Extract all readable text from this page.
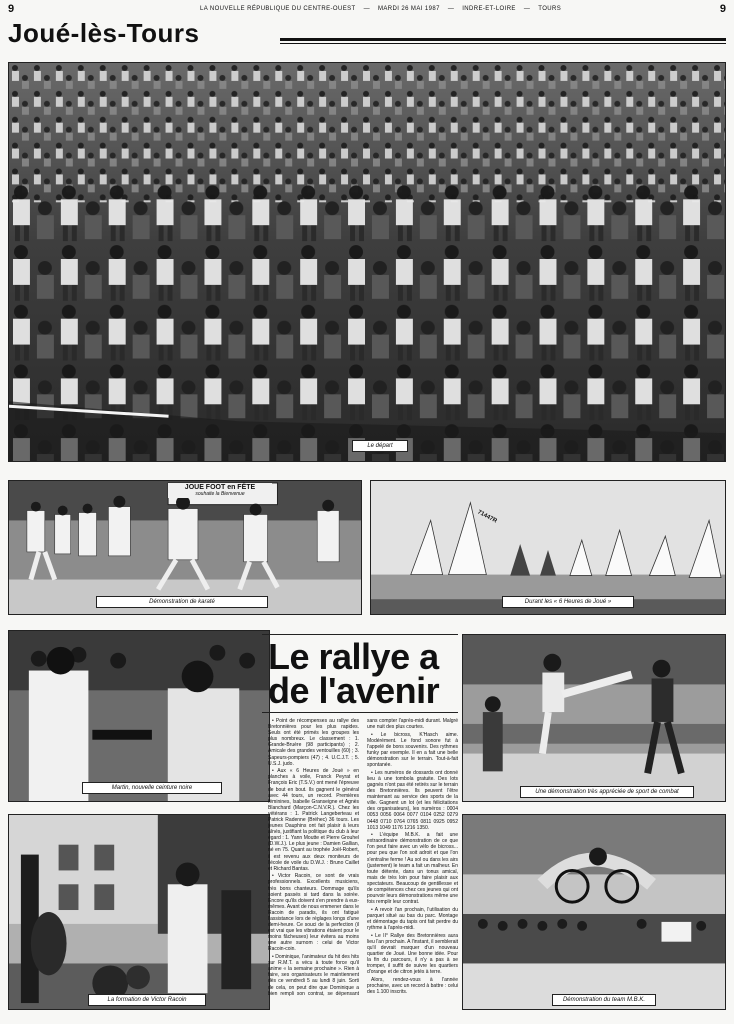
9	9
LA NOUVELLE RÉPUBLIQUE DU CENTRE-OUEST — MARDI 26 MAI 1987 — INDRE-ET-LOIRE — TOURS
Joué-lès-Tours
Le départ
Démonstration de karaté
JOUE FOOT en FÊTE
souhaite la Bienvenue
71447R
Durant les « 6 Heures de Joué »
Martin, nouvelle ceinture noire
La formation de Victor Racoin
Le rallye a de l'avenir

• Point de récompenses au rallye des Bretonnières pour les plus rapides. Seuls ont été primés les groupes les plus nombreux. Le classement : 1. Grande-Bruère (98 participants) ; 2. Amicale des grandes ventouilles (60) ; 3. Sapeurs-pompiers (47) ; 4. U.C.J.T. ; 5. U.S.J. judo.

• Aux « 6 Heures de Joué » en planches à voile, Franck Peyrat et François Eric (T.S.V.) ont mené l'épreuve de bout en bout. Ils gagnent le général avec 44 tours, un record. Premières féminines, Isabelle Granseigne et Agnès Blanchard (Marçon-C.N.V.R.). Chez les vétérans : 1. Patrick Langeberteau et Patrick Radenne (Bréhec) 36 tours. Les jeunes Dauphins ont fait plaisir à leurs aînés, justifiant la politique du club à leur égard : 1. Yann Moutte et Pierre Grouhel (D.W.J.). Le plus jeune : Damien Gallian, né en 75. Quant au trophée Joël-Robert, il est revenu aux deux moniteurs de l'école de voile du D.W.J. : Bruno Caillet et Richard Bantas.

• Victor Racoin, ce sont de vrais professionnels. Excellents musiciens, très bons chanteurs. Dommage qu'ils soient passés si tard dans la soirée. Encore qu'ils doivent s'en prendre à eux-mêmes. Avant de nous emmener dans le Racoin de paradis, ils ont fatigué l'assistance lors de réglages longs d'une demi-heure. Ce souci de la perfection (il est vrai que les vibrations étaient pour le moins fâcheuses) leur évitera au moins une autre surnom : celui de Victor Racoin-coin.

• Dominique, l'animateur du hit des hits sur R.M.T. a vécu à toute force qu'il anime « la semaine prochaine ». Rien à faire, ses organisateurs le maintiennent dès ce vendredi 5 au lundi 8 juin. Sorti de cela, on peut dire que Dominique a bien rempli son contrat, se dépensant sans compter l'après-midi durant. Malgré une nuit des plus courtes.

• Le bicross, K'Hasch aime. Modérément. Le fond sonore fut à l'appelé de bons souvenirs. Des rythmes funky par exemple. Il en a fait une belle démonstration sur le terrain. Tout-à-fait spontanée.

• Les numéros de dossards ont donné lieu à une tombola gratuite. Des lots gagnés n'ont pas été retirés sur le terrain des Bretonnières. Ils peuvent l'être maintenant au service des sports de la ville. Gagnent un lot (et les félicitations des organisateurs), les numéros : 0004 0053 0056 0064 0077 0104 0252 0279 0448 0710 0764 0765 0811 0925 0952 1013 1049 1176 1216 1350.

• L'équipe M.B.K. a fait une extraordinaire démonstration de ce que l'on peut faire avec un vélo de bicross... pour peu que l'on soit adroit et que l'on s'entraîne ferme ! Au sol ou dans les airs (justement) le team a fait un malheur. En toute détente, dans un tonus amical, mais de très loin pour faire plaisir aux spectateurs. Beaucoup de gentillesse et de compétences chez ces jeunes qui ont pourvoir leurs démonstrations même une fois remplir leur contrat.

• A revoir l'an prochain, l'utilisation du parquet situé au bas du parc. Montage et démontage du tapis ont fait perdre du rythme à l'après-midi.

• Le II° Rallye des Bretonnières aura lieu l'an prochain. A l'instant, il semblerait qu'il devrait marquer d'un nouveau quartier de Joué. Une bonne idée. Pour la fin du parcours, il n'y a pas à se tromper, il suffit de suivre les quartiers d'orange et de citron jetés à terre.

Alors, rendez-vous à l'année prochaine, avec un record à battre : celui des 1.100 inscrits.

Une démonstration très appréciée de sport de combat
Démonstration du team M.B.K.
